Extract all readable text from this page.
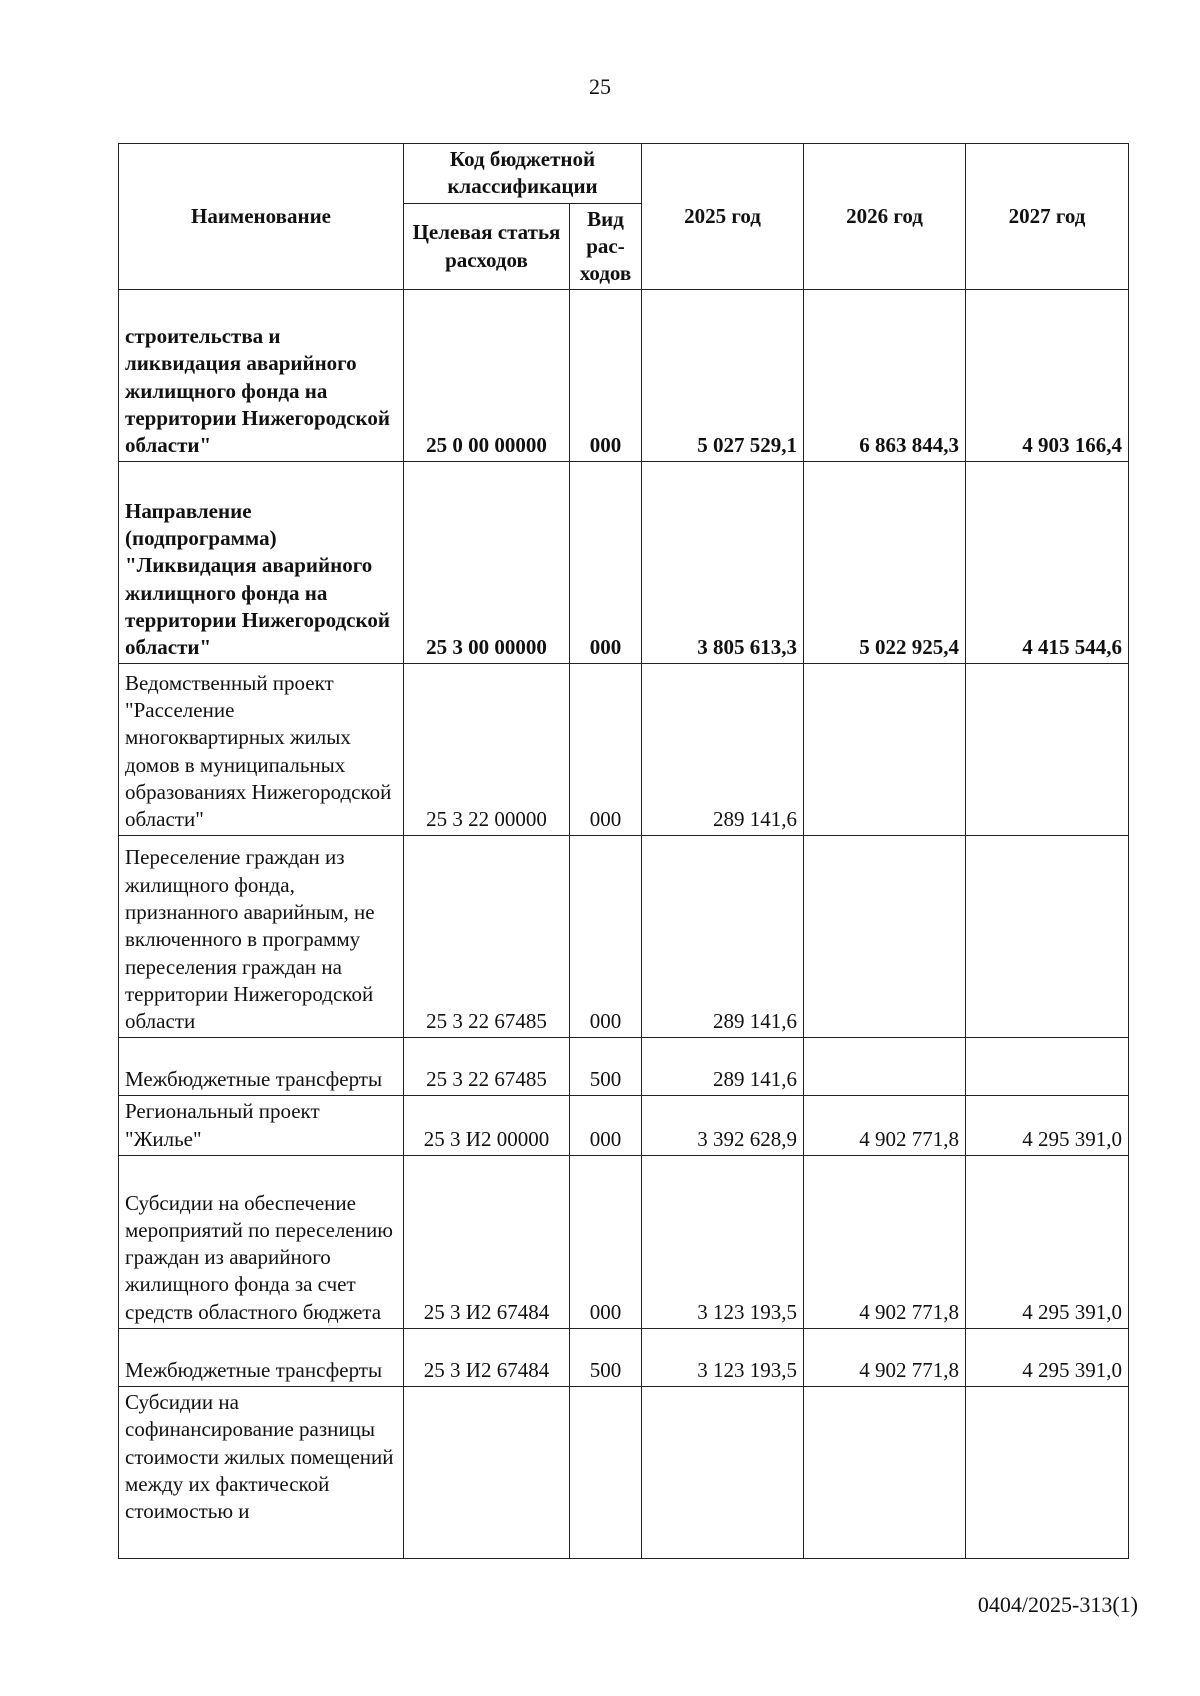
25
Наименование	Код бюджетной классификации		2025 год	2026 год	2027 год
	Целевая статья расходов	Вид рас-ходов			
строительства и ликвидация аварийного жилищного фонда на территории Нижегородской области"	25 0 00 00000	000	5 027 529,1	6 863 844,3	4 903 166,4
Направление (подпрограмма) "Ликвидация аварийного жилищного фонда на территории Нижегородской области"	25 3 00 00000	000	3 805 613,3	5 022 925,4	4 415 544,6
Ведомственный проект "Расселение многоквартирных жилых домов в муниципальных образованиях Нижегородской области"	25 3 22 00000	000	289 141,6		
Переселение граждан из жилищного фонда, признанного аварийным, не включенного в программу переселения граждан на территории Нижегородской области	25 3 22 67485	000	289 141,6		
Межбюджетные трансферты	25 3 22 67485	500	289 141,6		
Региональный проект "Жилье"	25 3 И2 00000	000	3 392 628,9	4 902 771,8	4 295 391,0
Субсидии на обеспечение мероприятий по переселению граждан из аварийного жилищного фонда за счет средств областного бюджета	25 3 И2 67484	000	3 123 193,5	4 902 771,8	4 295 391,0
Межбюджетные трансферты	25 3 И2 67484	500	3 123 193,5	4 902 771,8	4 295 391,0
Субсидии на софинансирование разницы стоимости жилых помещений между их фактической стоимостью и					
0404/2025-313(1)
